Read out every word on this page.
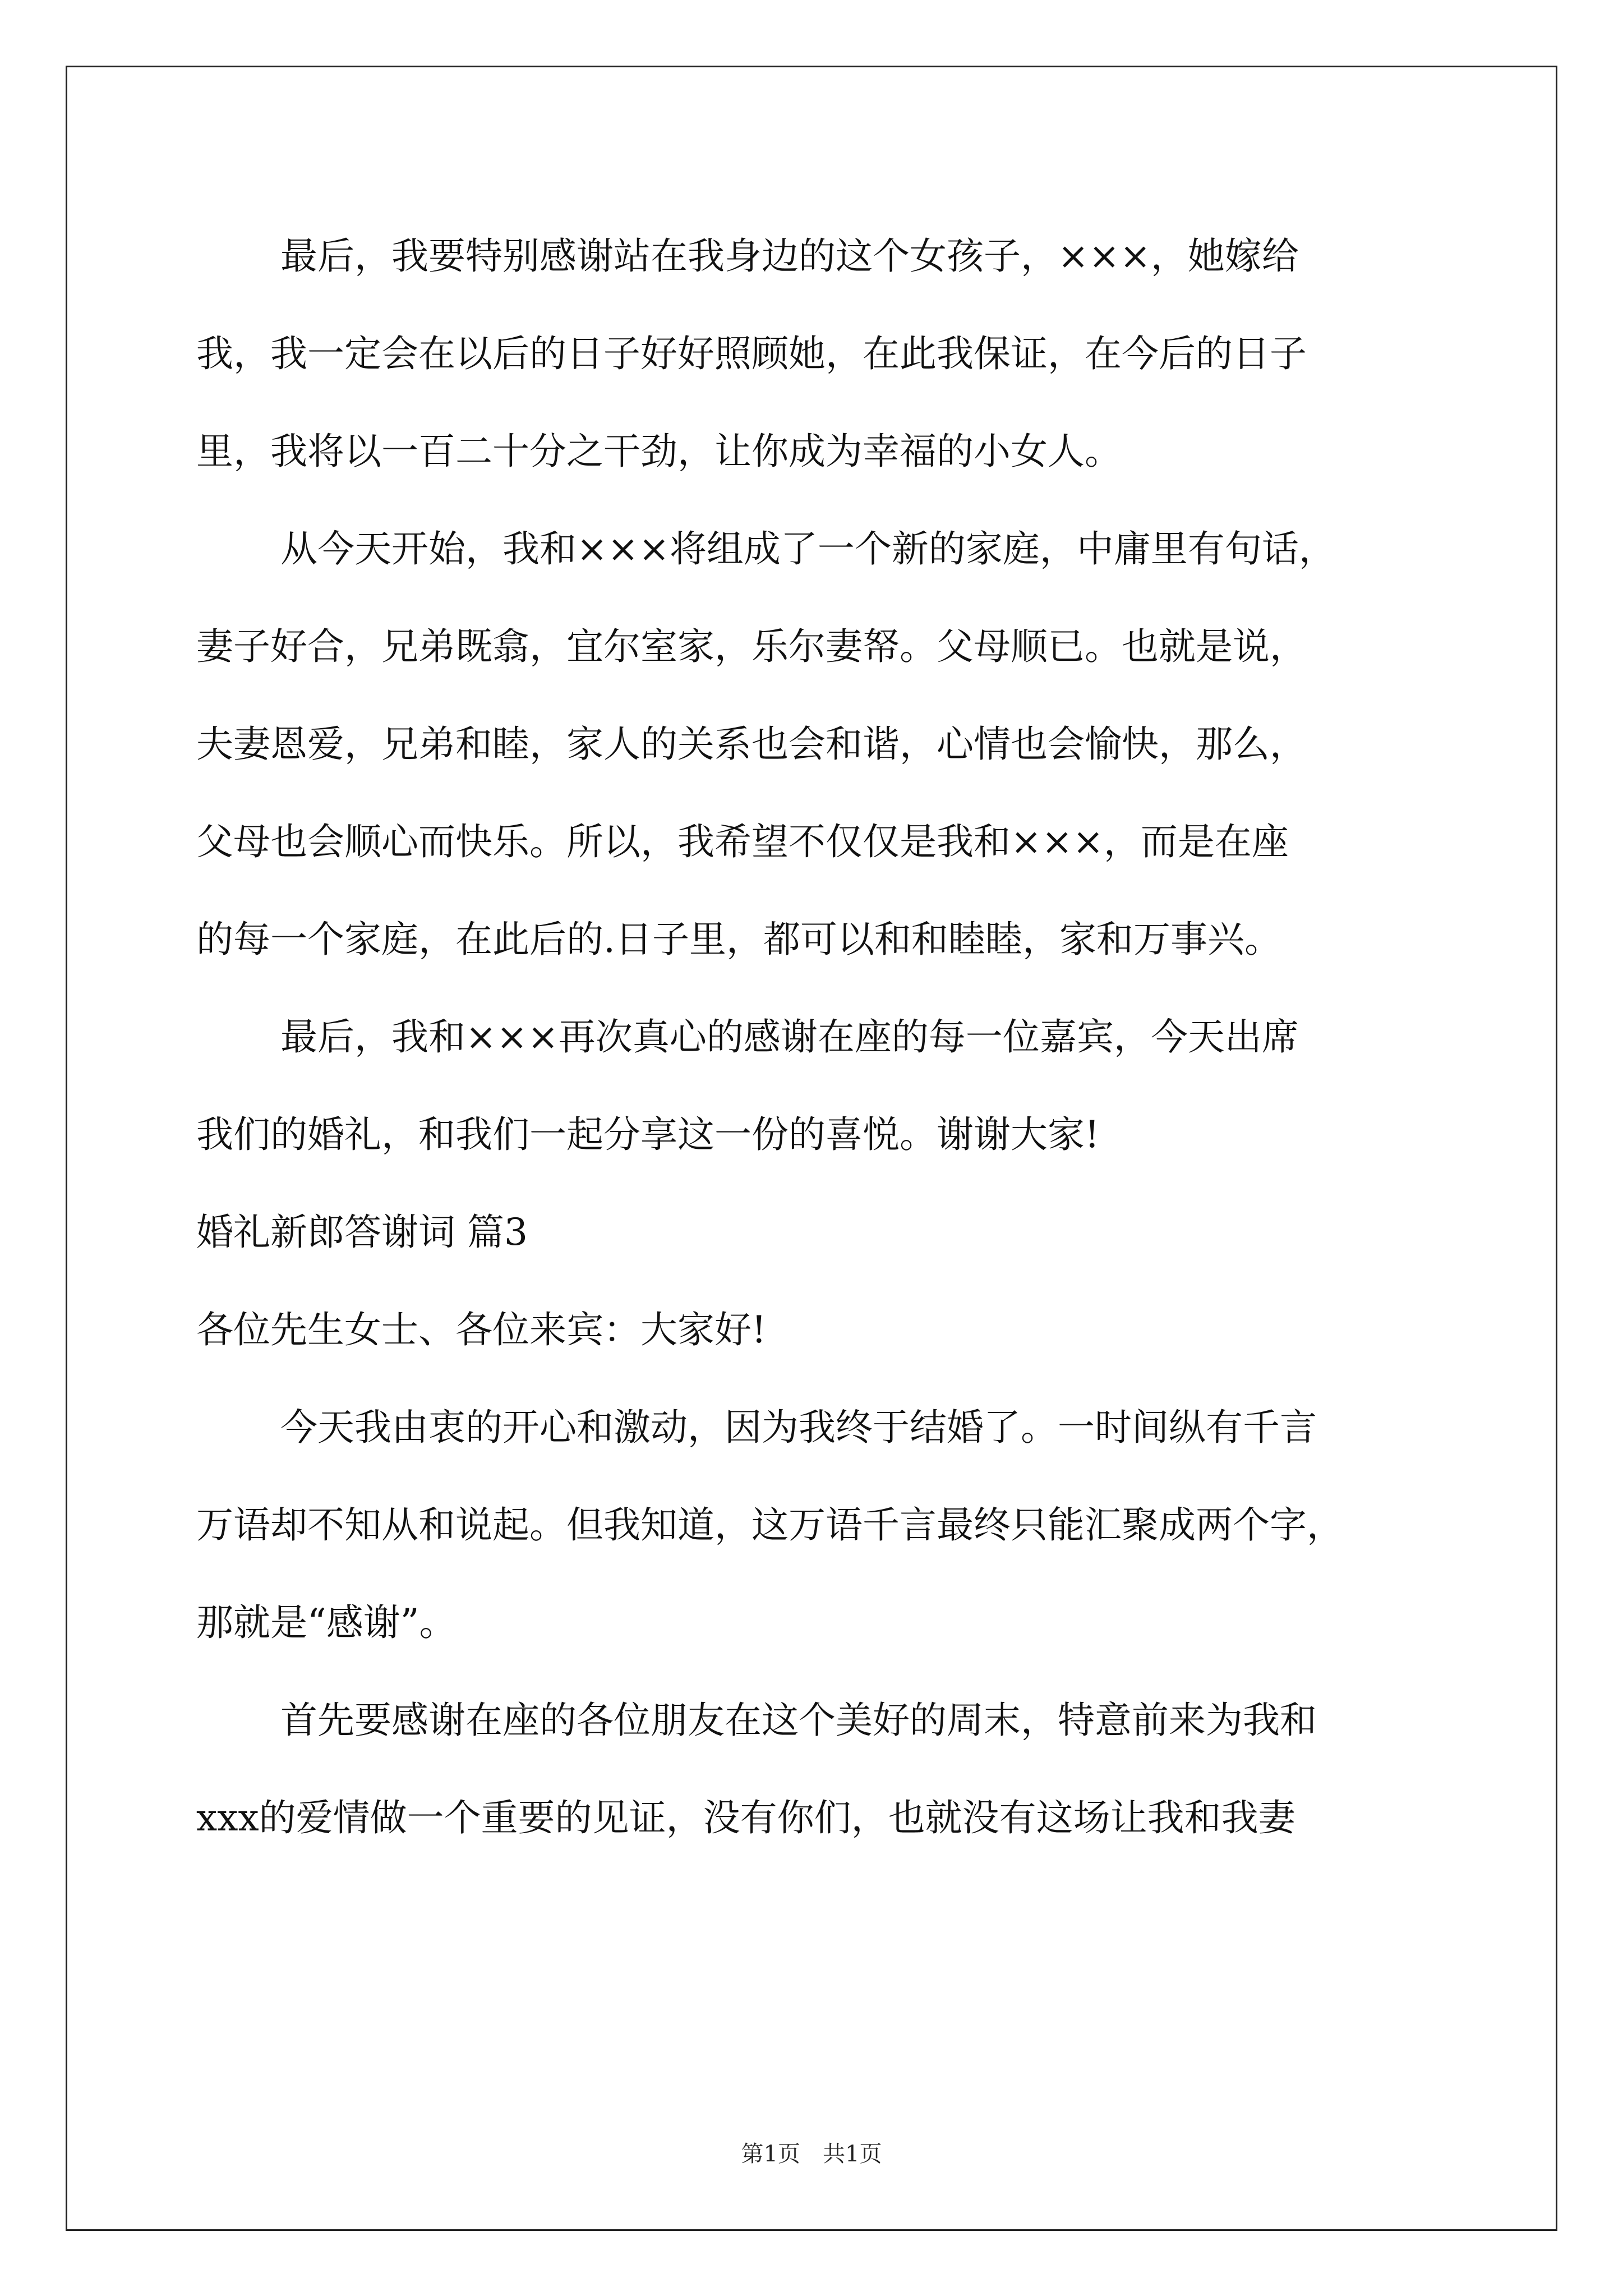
最后，我要特别感谢站在我身边的这个女孩子，×××，她嫁给
我，我一定会在以后的日子好好照顾她，在此我保证，在今后的日子
里，我将以一百二十分之干劲，让你成为幸福的小女人。
从今天开始，我和×××将组成了一个新的家庭，中庸里有句话，
妻子好合，兄弟既翕，宜尔室家，乐尔妻帑。父母顺已。也就是说，
夫妻恩爱，兄弟和睦，家人的关系也会和谐，心情也会愉快，那么，
父母也会顺心而快乐。所以，我希望不仅仅是我和×××，而是在座
的每一个家庭，在此后的.日子里，都可以和和睦睦，家和万事兴。
最后，我和×××再次真心的感谢在座的每一位嘉宾，今天出席
我们的婚礼，和我们一起分享这一份的喜悦。谢谢大家!
婚礼新郎答谢词 篇3
各位先生女士、各位来宾：大家好!
今天我由衷的开心和激动，因为我终于结婚了。一时间纵有千言
万语却不知从和说起。但我知道，这万语千言最终只能汇聚成两个字，
那就是“感谢”。
首先要感谢在座的各位朋友在这个美好的周末，特意前来为我和
xxx的爱情做一个重要的见证，没有你们，也就没有这场让我和我妻
第1页　共1页
